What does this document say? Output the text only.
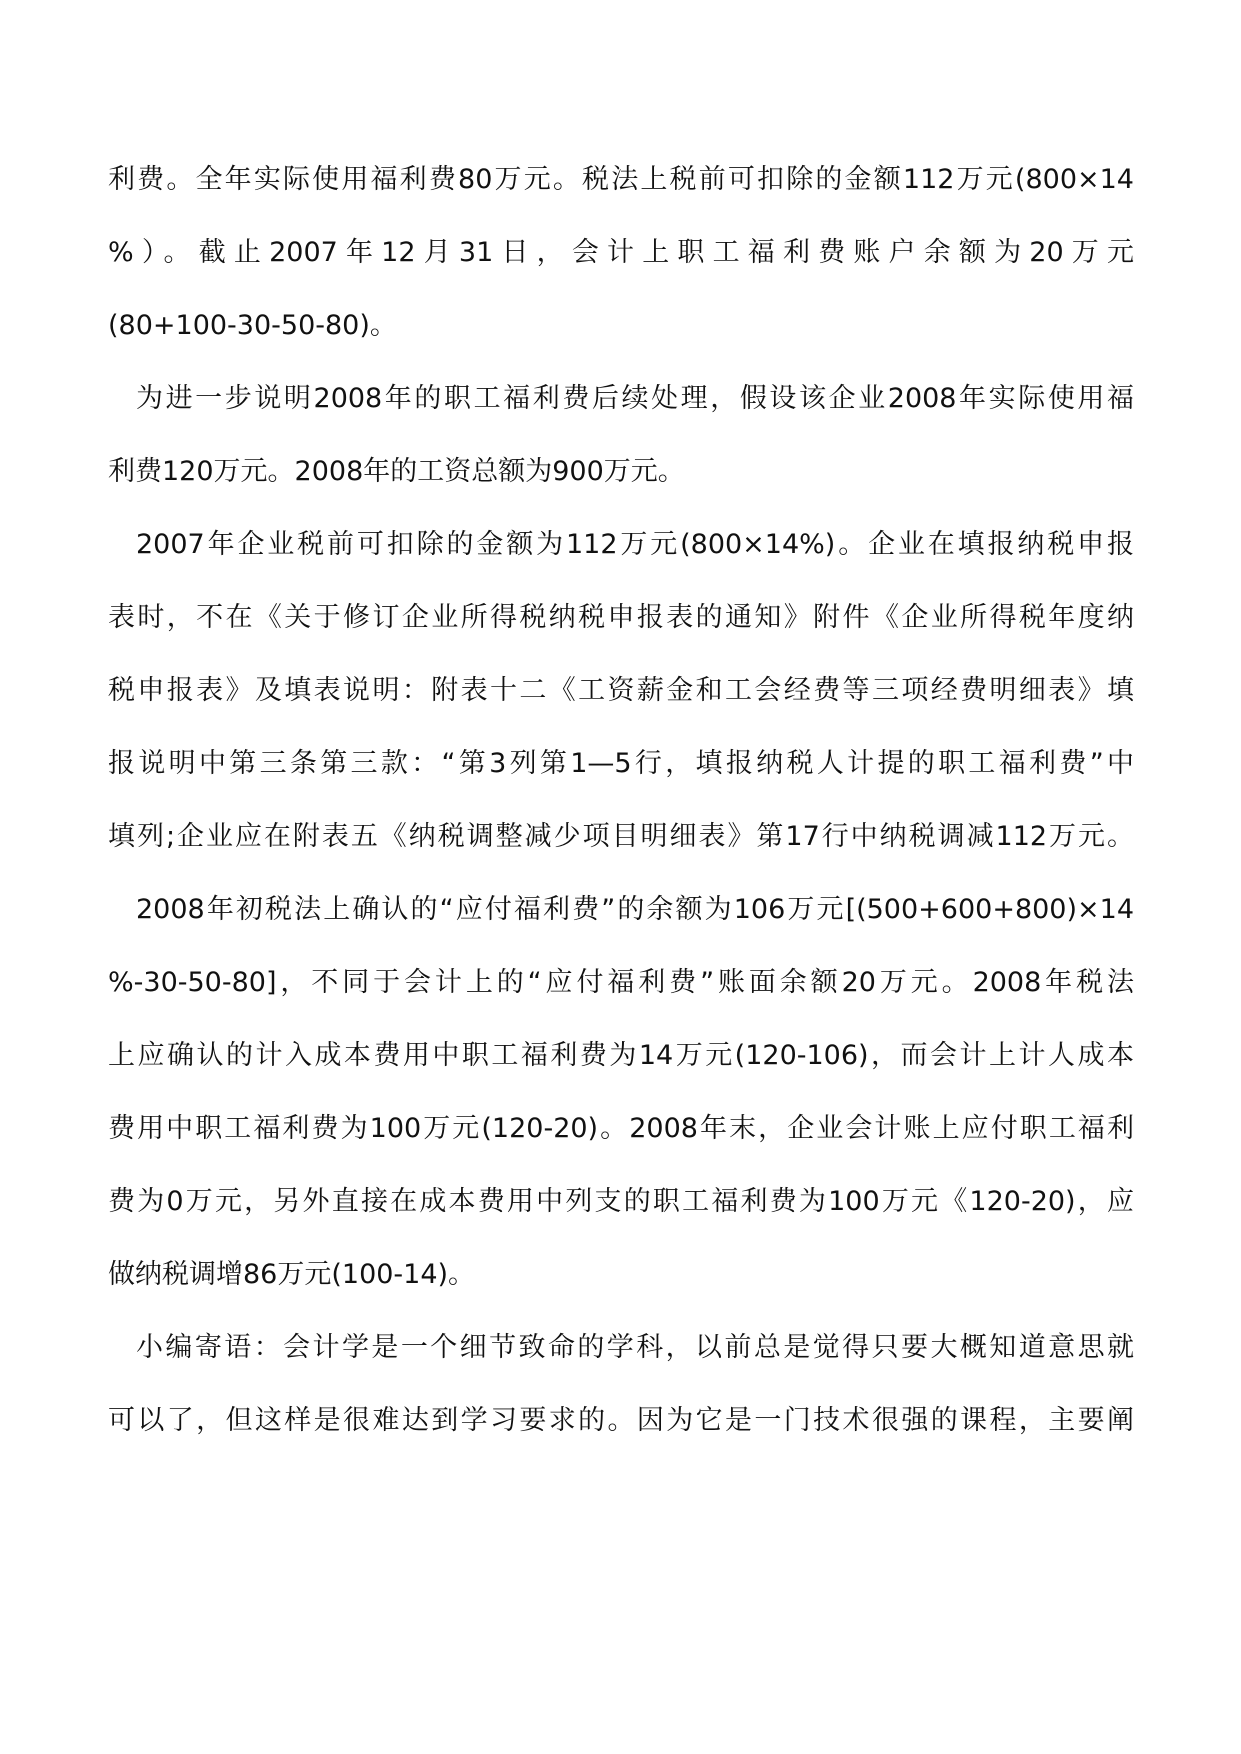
利费。全年实际使用福利费80万元。税法上税前可扣除的金额112万元(800×14
%）。截止2007年12月31日，会计上职工福利费账户余额为20万元
(80+100-30-50-80)。
为进一步说明2008年的职工福利费后续处理，假设该企业2008年实际使用福
利费120万元。2008年的工资总额为900万元。
2007年企业税前可扣除的金额为112万元(800×14%)。企业在填报纳税申报
表时，不在《关于修订企业所得税纳税申报表的通知》附件《企业所得税年度纳
税申报表》及填表说明：附表十二《工资薪金和工会经费等三项经费明细表》填
报说明中第三条第三款：“第3列第1—5行，填报纳税人计提的职工福利费”中
填列;企业应在附表五《纳税调整减少项目明细表》第17行中纳税调减112万元。
2008年初税法上确认的“应付福利费”的余额为106万元[(500+600+800)×14
%-30-50-80]，不同于会计上的“应付福利费”账面余额20万元。2008年税法
上应确认的计入成本费用中职工福利费为14万元(120-106)，而会计上计人成本
费用中职工福利费为100万元(120-20)。2008年末，企业会计账上应付职工福利
费为0万元，另外直接在成本费用中列支的职工福利费为100万元《120-20)，应
做纳税调增86万元(100-14)。
小编寄语：会计学是一个细节致命的学科，以前总是觉得只要大概知道意思就
可以了，但这样是很难达到学习要求的。因为它是一门技术很强的课程，主要阐
